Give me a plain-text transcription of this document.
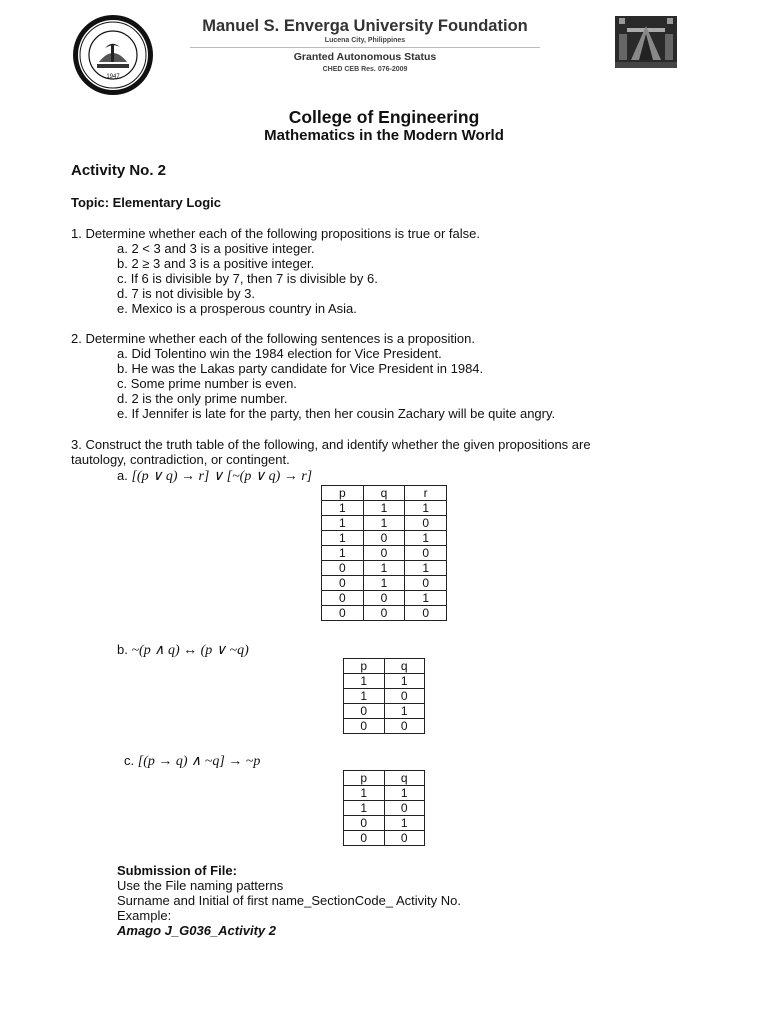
1947
Manuel S. Enverga University Foundation
Lucena City, Philippines
Granted Autonomous Status
CHED CEB Res. 076-2009
College of Engineering
Mathematics in the Modern World
Activity No. 2
Topic: Elementary Logic
1. Determine whether each of the following propositions is true or false.
a. 2 < 3 and 3 is a positive integer.
b. 2 ≥ 3 and 3 is a positive integer.
c. If 6 is divisible by 7, then 7 is divisible by 6.
d. 7 is not divisible by 3.
e. Mexico is a prosperous country in Asia.
2. Determine whether each of the following sentences is a proposition.
a. Did Tolentino win the 1984 election for Vice President.
b. He was the Lakas party candidate for Vice President in 1984.
c. Some prime number is even.
d. 2 is the only prime number.
e. If Jennifer is late for the party, then her cousin Zachary will be quite angry.
3. Construct the truth table of the following, and identify whether the given propositions are
tautology, contradiction, or contingent.
a. [(p ∨ q) → r] ∨ [~(p ∨ q) → r]
p	q	r
1	1	1
1	1	0
1	0	1
1	0	0
0	1	1
0	1	0
0	0	1
0	0	0
b. ~(p ∧ q) ↔ (p ∨ ~q)
p	q
1	1
1	0
0	1
0	0
c. [(p → q) ∧ ~q] → ~p
p	q
1	1
1	0
0	1
0	0
Submission of File:
Use the File naming patterns
Surname and Initial of first name_SectionCode_ Activity No.
Example:
Amago J_G036_Activity 2
